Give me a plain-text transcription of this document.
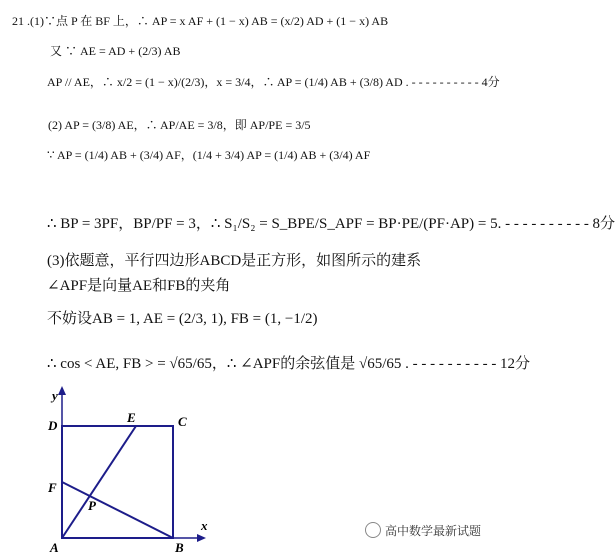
21 .(1)∵点 P 在 BF 上，∴ AP = x AF + (1 − x) AB = (x/2) AD + (1 − x) AB
又 ∵ AE = AD + (2/3) AB
AP // AE，∴ x/2 = (1 − x)/(2/3)，x = 3/4，∴ AP = (1/4) AB + (3/8) AD . - - - - - - - - - - 4分
(2) AP = (3/8) AE，∴ AP/AE = 3/8，即 AP/PE = 3/5
∵ AP = (1/4) AB + (3/4) AF，(1/4 + 3/4) AP = (1/4) AB + (3/4) AF
∴ BP = 3PF，BP/PF = 3，∴ S₁/S₂ = S_BPE/S_APF = BP·PE/(PF·AP) = 5. - - - - - - - - - - 8分
(3)依题意，平行四边形ABCD是正方形，如图所示的建系
∠APF是向量AE和FB的夹角
不妨设AB = 1, AE = (2/3, 1), FB = (1, −1/2)
∴ cos < AE, FB > = √65/65，∴ ∠APF的余弦值是 √65/65 . - - - - - - - - - - 12分
y
x
D	C
E
F
P
A	B
高中数学最新试题
